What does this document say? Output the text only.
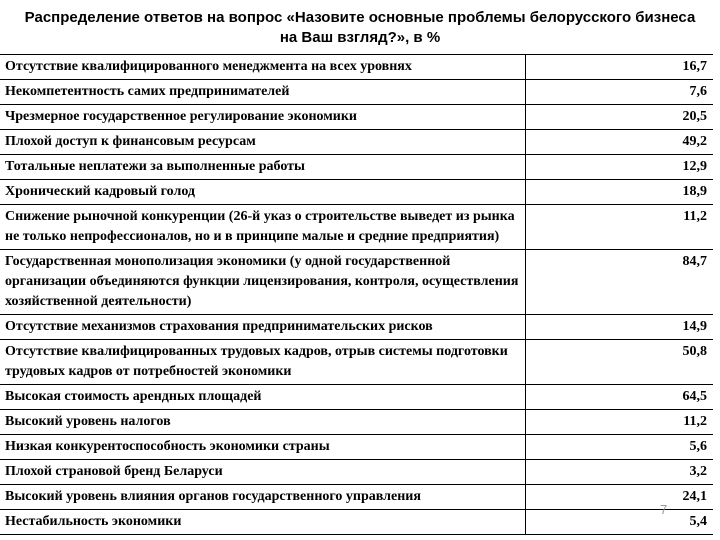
Распределение ответов на вопрос «Назовите основные проблемы белорусского бизнеса на Ваш взгляд?», в %
Отсутствие квалифицированного менеджмента на всех уровнях	16,7
Некомпетентность самих предпринимателей	7,6
Чрезмерное государственное регулирование экономики	20,5
Плохой доступ к финансовым ресурсам	49,2
Тотальные неплатежи за выполненные работы	12,9
Хронический кадровый голод	18,9
Снижение рыночной конкуренции (26-й указ о строительстве выведет из рынка не только непрофессионалов, но и в принципе малые и средние предприятия)	11,2
Государственная монополизация экономики (у одной государственной организации объединяются функции лицензирования, контроля, осуществления хозяйственной деятельности)	84,7
Отсутствие механизмов страхования предпринимательских рисков	14,9
Отсутствие квалифицированных трудовых кадров, отрыв системы подготовки трудовых кадров от потребностей экономики	50,8
Высокая стоимость арендных площадей	64,5
Высокий уровень налогов	11,2
Низкая конкурентоспособность экономики страны	5,6
Плохой страновой бренд Беларуси	3,2
Высокий уровень влияния органов государственного управления	24,1
Нестабильность экономики	5,4
7
